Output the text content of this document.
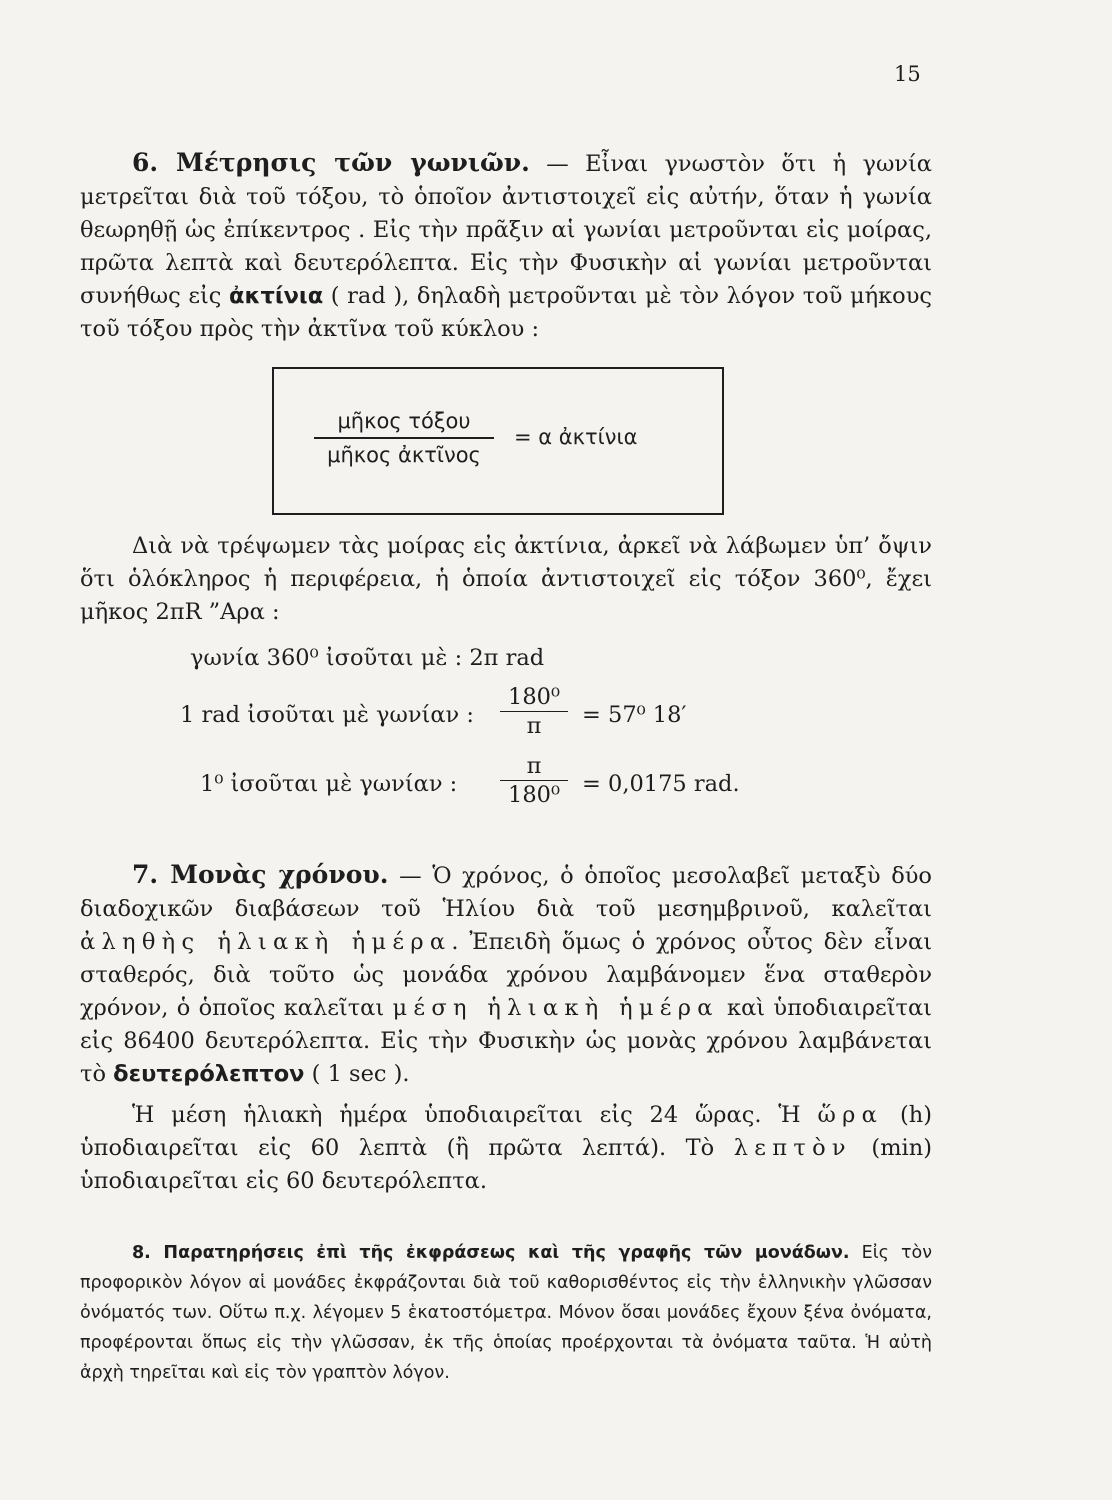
15

6. Μέτρησις τῶν γωνιῶν. — Εἶναι γνωστὸν ὅτι ἡ γωνία μετρεῖται διὰ τοῦ τόξου, τὸ ὁποῖον ἀντιστοιχεῖ εἰς αὐτήν, ὅταν ἡ γωνία θεωρηθῇ ὡς ἐπίκεντρος . Εἰς τὴν πρᾶξιν αἱ γωνίαι μετροῦνται εἰς μοίρας, πρῶτα λεπτὰ καὶ δευτερόλεπτα. Εἰς τὴν Φυσικὴν αἱ γωνίαι μετροῦνται συνήθως εἰς ἀκτίνια ( rad ), δηλαδὴ μετροῦνται μὲ τὸν λόγον τοῦ μήκους τοῦ τόξου πρὸς τὴν ἀκτῖνα τοῦ κύκλου :

μῆκος τόξου
μῆκος ἀκτῖνος
= α ἀκτίνια

Διὰ νὰ τρέψωμεν τὰς μοίρας εἰς ἀκτίνια, ἀρκεῖ νὰ λάβωμεν ὑπ’ ὄψιν ὅτι ὁλόκληρος ἡ περιφέρεια, ἡ ὁποία ἀντιστοιχεῖ εἰς τόξον 360⁰, ἔχει μῆκος 2πR ”Αρα :

γωνία 360⁰ ἰσοῦται μὲ : 2π rad
1 rad ἰσοῦται μὲ γωνίαν : $\frac{\text{180⁰}}{\pi} = 57^0$ 18′
1⁰ ἰσοῦται μὲ γωνίαν : $\frac{\pi}{\text{180⁰}} = 0,0175$ rad.

7. Μονὰς χρόνου. — Ὁ χρόνος, ὁ ὁποῖος μεσολαβεῖ μεταξὺ δύο διαδοχικῶν διαβάσεων τοῦ Ἡλίου διὰ τοῦ μεσημβρινοῦ, καλεῖται ἀληθὴς ἡλιακὴ ἡμέρα. Ἐπειδὴ ὅμως ὁ χρόνος οὗτος δὲν εἶναι σταθερός, διὰ τοῦτο ὡς μονάδα χρόνου λαμβάνομεν ἕνα σταθερὸν χρόνον, ὁ ὁποῖος καλεῖται μέση ἡλιακὴ ἡμέρα καὶ ὑποδιαιρεῖται εἰς 86400 δευτερόλεπτα. Εἰς τὴν Φυσικὴν ὡς μονὰς χρόνου λαμβάνεται τὸ δευτερόλεπτον ( 1 sec ).

Ἡ μέση ἡλιακὴ ἡμέρα ὑποδιαιρεῖται εἰς 24 ὥρας. Ἡ ὥρα (h) ὑποδιαιρεῖται εἰς 60 λεπτὰ (ἢ πρῶτα λεπτά). Τὸ λεπτὸν (min) ὑποδιαιρεῖται εἰς 60 δευτερόλεπτα.

8. Παρατηρήσεις ἐπὶ τῆς ἐκφράσεως καὶ τῆς γραφῆς τῶν μονάδων. Εἰς τὸν προφορικὸν λόγον αἱ μονάδες ἐκφράζονται διὰ τοῦ καθορισθέντος εἰς τὴν ἑλληνικὴν γλῶσσαν ὀνόματός των. Οὕτω π.χ. λέγομεν 5 ἑκατοστόμετρα. Μόνον ὅσαι μονάδες ἔχουν ξένα ὀνόματα, προφέρονται ὅπως εἰς τὴν γλῶσσαν, ἐκ τῆς ὁποίας προέρχονται τὰ ὀνόματα ταῦτα. Ἡ αὐτὴ ἀρχὴ τηρεῖται καὶ εἰς τὸν γραπτὸν λόγον.
